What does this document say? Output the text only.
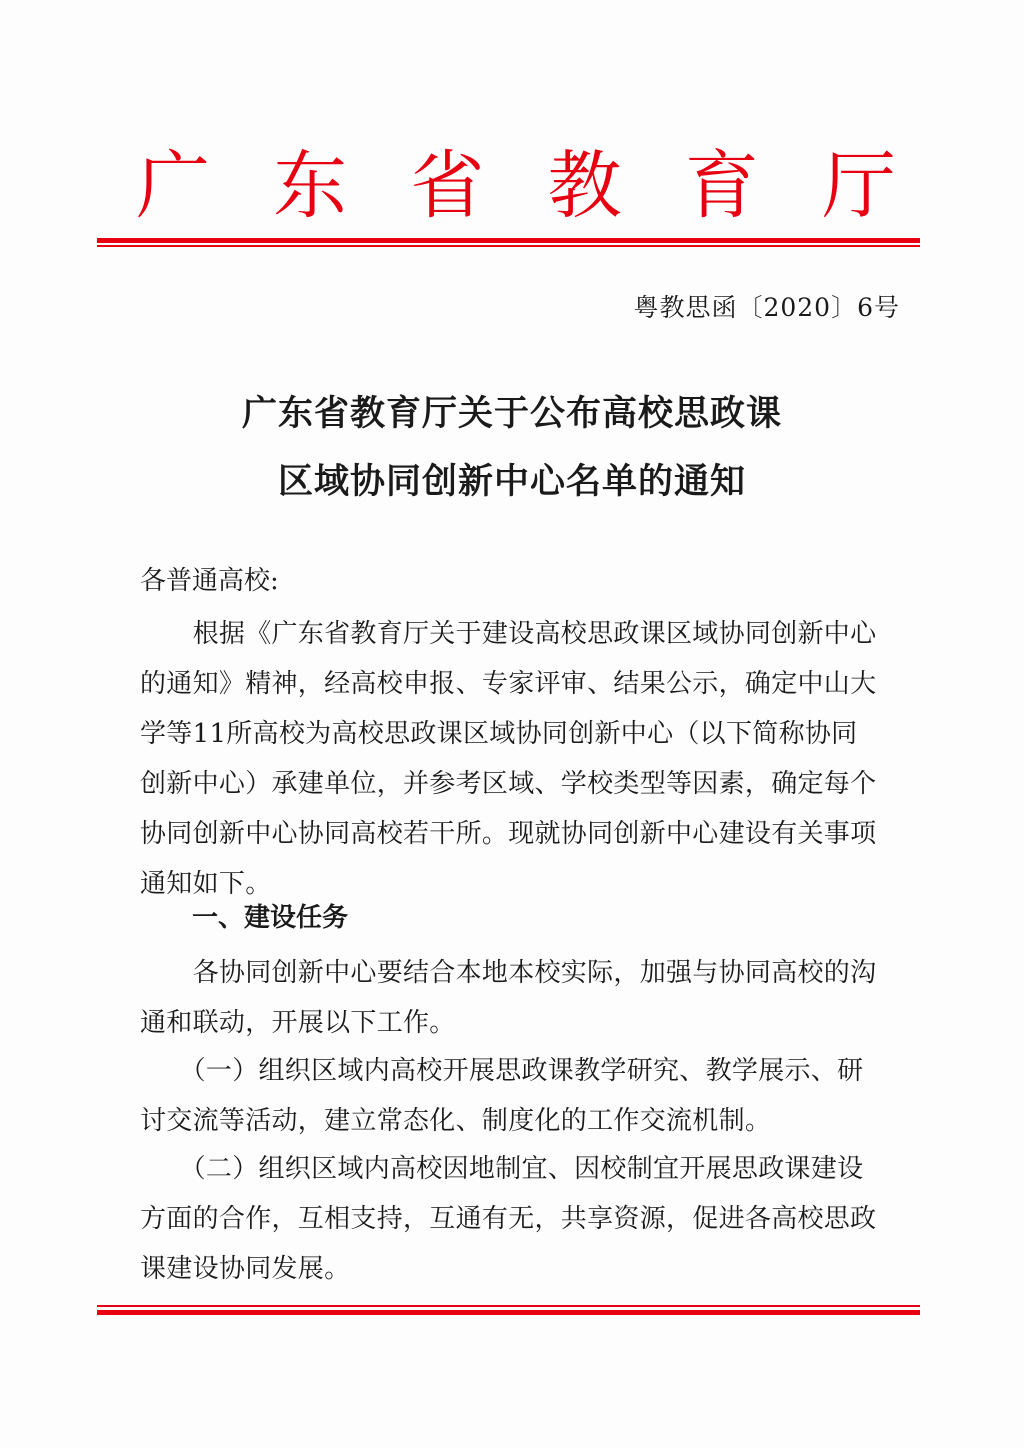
广 东 省 教 育 厅
粤教思函〔2020〕6号
广东省教育厅关于公布高校思政课
区域协同创新中心名单的通知
各普通高校:
　　根据《广东省教育厅关于建设高校思政课区域协同创新中心
的通知》精神，经高校申报、专家评审、结果公示，确定中山大
学等11所高校为高校思政课区域协同创新中心（以下简称协同
创新中心）承建单位，并参考区域、学校类型等因素，确定每个
协同创新中心协同高校若干所。现就协同创新中心建设有关事项
通知如下。
一、建设任务
　　各协同创新中心要结合本地本校实际，加强与协同高校的沟
通和联动，开展以下工作。
　　（一）组织区域内高校开展思政课教学研究、教学展示、研
讨交流等活动，建立常态化、制度化的工作交流机制。
　　（二）组织区域内高校因地制宜、因校制宜开展思政课建设
方面的合作，互相支持，互通有无，共享资源，促进各高校思政
课建设协同发展。
